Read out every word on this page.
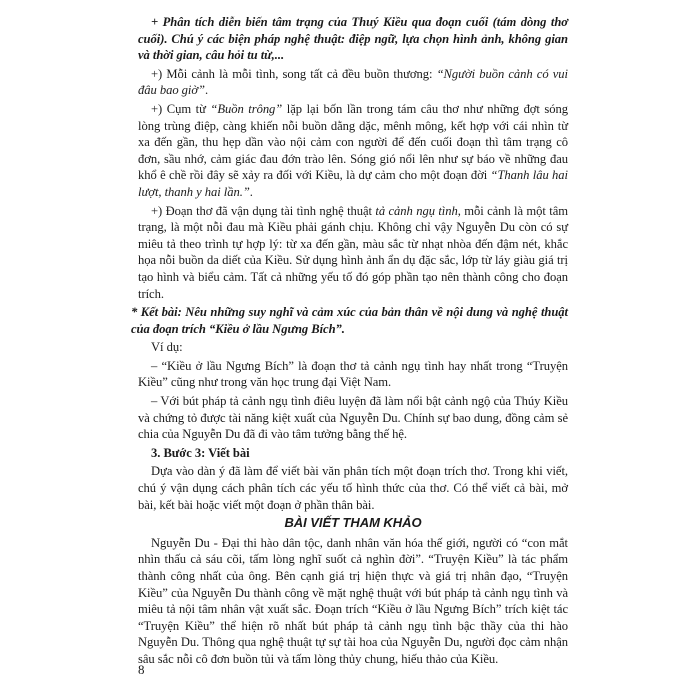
+ Phân tích diễn biến tâm trạng của Thuý Kiều qua đoạn cuối (tám dòng thơ cuối). Chú ý các biện pháp nghệ thuật: điệp ngữ, lựa chọn hình ảnh, không gian và thời gian, câu hỏi tu từ,...

+) Mỗi cảnh là mỗi tình, song tất cả đều buồn thương: “Người buồn cảnh có vui đâu bao giờ”.

+) Cụm từ “Buồn trông” lặp lại bốn lần trong tám câu thơ như những đợt sóng lòng trùng điệp, càng khiến nỗi buồn dằng dặc, mênh mông, kết hợp với cái nhìn từ xa đến gần, thu hẹp dần vào nội cảm con người để đến cuối đoạn thì tâm trạng cô đơn, sầu nhớ, cảm giác đau đớn trào lên. Sóng gió nổi lên như sự báo về những đau khổ ê chề rồi đây sẽ xảy ra đối với Kiều, là dự cảm cho một đoạn đời “Thanh lâu hai lượt, thanh y hai lần.”.

+) Đoạn thơ đã vận dụng tài tình nghệ thuật tả cảnh ngụ tình, mỗi cảnh là một tâm trạng, là một nỗi đau mà Kiều phải gánh chịu. Không chỉ vậy Nguyễn Du còn có sự miêu tả theo trình tự hợp lý: từ xa đến gần, màu sắc từ nhạt nhòa đến đậm nét, khắc họa nỗi buồn da diết của Kiều. Sử dụng hình ảnh ẩn dụ đặc sắc, lớp từ láy giàu giá trị tạo hình và biểu cảm. Tất cả những yếu tố đó góp phần tạo nên thành công cho đoạn trích.

* Kết bài: Nêu những suy nghĩ và cảm xúc của bản thân về nội dung và nghệ thuật của đoạn trích “Kiều ở lầu Ngưng Bích”.

Ví dụ:

– “Kiều ở lầu Ngưng Bích” là đoạn thơ tả cảnh ngụ tình hay nhất trong “Truyện Kiều” cũng như trong văn học trung đại Việt Nam.

– Với bút pháp tả cảnh ngụ tình điêu luyện đã làm nổi bật cảnh ngộ của Thúy Kiều và chứng tỏ được tài năng kiệt xuất của Nguyễn Du. Chính sự bao dung, đồng cảm sẻ chia của Nguyễn Du đã đi vào tâm tưởng bằng thế hệ.

3. Bước 3: Viết bài

Dựa vào dàn ý đã làm để viết bài văn phân tích một đoạn trích thơ. Trong khi viết, chú ý vận dụng cách phân tích các yếu tố hình thức của thơ. Có thể viết cả bài, mở bài, kết bài hoặc viết một đoạn ở phần thân bài.

BÀI VIẾT THAM KHẢO

Nguyễn Du - Đại thi hào dân tộc, danh nhân văn hóa thế giới, người có “con mắt nhìn thấu cả sáu cõi, tấm lòng nghĩ suốt cả nghìn đời”. “Truyện Kiều” là tác phẩm thành công nhất của ông. Bên cạnh giá trị hiện thực và giá trị nhân đạo, “Truyện Kiều” của Nguyễn Du thành công về mặt nghệ thuật với bút pháp tả cảnh ngụ tình và miêu tả nội tâm nhân vật xuất sắc. Đoạn trích “Kiều ở lầu Ngưng Bích” trích kiệt tác “Truyện Kiều” thể hiện rõ nhất bút pháp tả cảnh ngụ tình bậc thầy của thi hào Nguyễn Du. Thông qua nghệ thuật tự sự tài hoa của Nguyễn Du, người đọc cảm nhận sâu sắc nỗi cô đơn buồn tủi và tấm lòng thủy chung, hiếu thảo của Kiều.

8
